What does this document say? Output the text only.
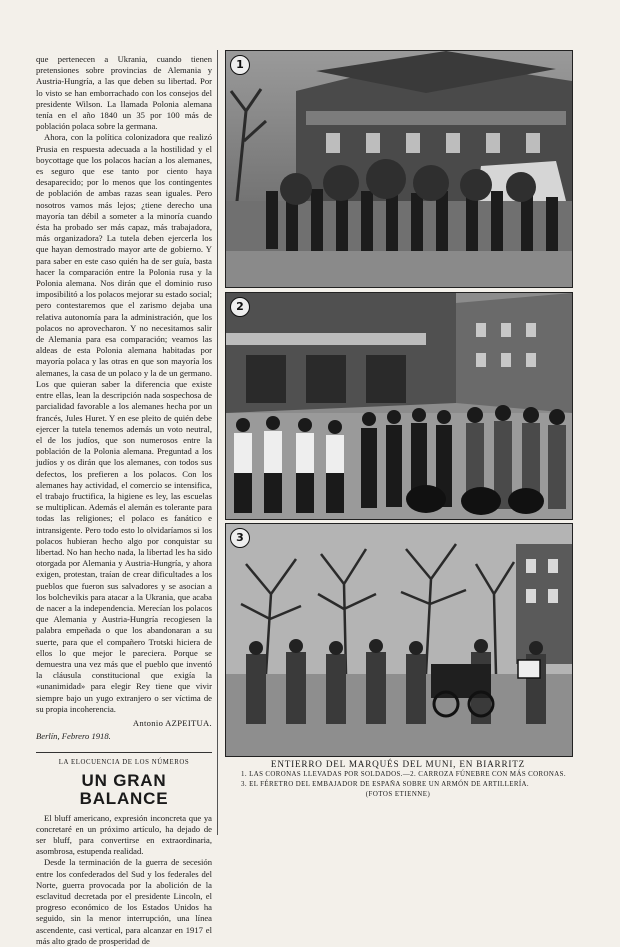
que pertenecen a Ukrania, cuando tienen pretensiones sobre provincias de Alemania y Austria-Hungría, a las que deben su libertad. Por lo visto se han emborrachado con los consejos del presidente Wilson. La llamada Polonia alemana tenía en el año 1840 un 35 por 100 más de población polaca sobre la germana.

Ahora, con la política colonizadora que realizó Prusia en respuesta adecuada a la hostilidad y el boycottage que los polacos hacían a los alemanes, es seguro que ese tanto por ciento haya desaparecido; por lo menos que los contingentes de población de ambas razas sean iguales. Pero nosotros vamos más lejos; ¿tiene derecho una mayoría tan débil a someter a la minoría cuando ésta ha probado ser más capaz, más trabajadora, más organizadora? La tutela deben ejercerla los que hayan demostrado mayor arte de gobierno. Y para saber en este caso quién ha de ser guía, basta hacer la comparación entre la Polonia rusa y la Polonia alemana. Nos dirán que el dominio ruso imposibilitó a los polacos mejorar su estado social; pero contestaremos que el zarismo dejaba una relativa autonomía para la administración, que los polacos no aprovecharon. Y no necesitamos salir de Alemania para esa comparación; veamos las aldeas de esta Polonia alemana habitadas por mayoría polaca y las otras en que son mayoría los alemanes, la casa de un polaco y la de un germano. Los que quieran saber la diferencia que existe entre ellas, lean la descripción nada sospechosa de parcialidad favorable a los alemanes hecha por un francés, Jules Huret. Y en ese pleito de quién debe ejercer la tutela tenemos además un voto neutral, el de los judíos, que son numerosos entre la población de la Polonia alemana. Preguntad a los judíos y os dirán que los alemanes, con todos sus defectos, los prefieren a los polacos. Con los alemanes hay actividad, el comercio se intensifica, el trabajo fructifica, la higiene es ley, las escuelas se multiplican. Además el alemán es tolerante para todas las religiones; el polaco es fanático e intransigente. Pero todo esto lo olvidaríamos si los polacos hubieran hecho algo por conquistar su libertad. No han hecho nada, la libertad les ha sido otorgada por Alemania y Austria-Hungría, y ahora exigen, protestan, traían de crear dificultades a los pueblos que fueron sus salvadores y se asocian a los bolchevikis para atacar a la Ukrania, que acaba de nacer a la independencia. Merecían los polacos que Alemania y Austria-Hungría recogiesen la palabra empeñada o que los abandonaran a su suerte, para que el compañero Trotski hiciera de ellos lo que mejor le pareciera. Porque se demuestra una vez más que el pueblo que inventó la cláusula constitucional que exigía la «unanimidad» para elegir Rey tiene que vivir siempre bajo un yugo extranjero o ser víctima de su propia incoherencia.

Antonio AZPEITUA.

Berlín, Febrero 1918.

LA ELOCUENCIA DE LOS NÚMEROS
UN GRAN BALANCE

El bluff americano, expresión inconcreta que ya concretaré en un próximo artículo, ha dejado de ser bluff, para convertirse en extraordinaria, asombrosa, estupenda realidad.

Desde la terminación de la guerra de secesión entre los confederados del Sud y los federales del Norte, guerra provocada por la abolición de la esclavitud decretada por el presidente Lincoln, el progreso económico de los Estados Unidos ha seguido, sin la menor interrupción, una línea ascendente, casi vertical, para alcanzar en 1917 el más alto grado de prosperidad de

1
2
3
ENTIERRO DEL MARQUÉS DEL MUNI, EN BIARRITZ
1. LAS CORONAS LLEVADAS POR SOLDADOS.—2. CARROZA FÚNEBRE CON MÁS CORONAS.
3. EL FÉRETRO DEL EMBAJADOR DE ESPAÑA SOBRE UN ARMÓN DE ARTILLERÍA.
(FOTOS ETIENNE)
